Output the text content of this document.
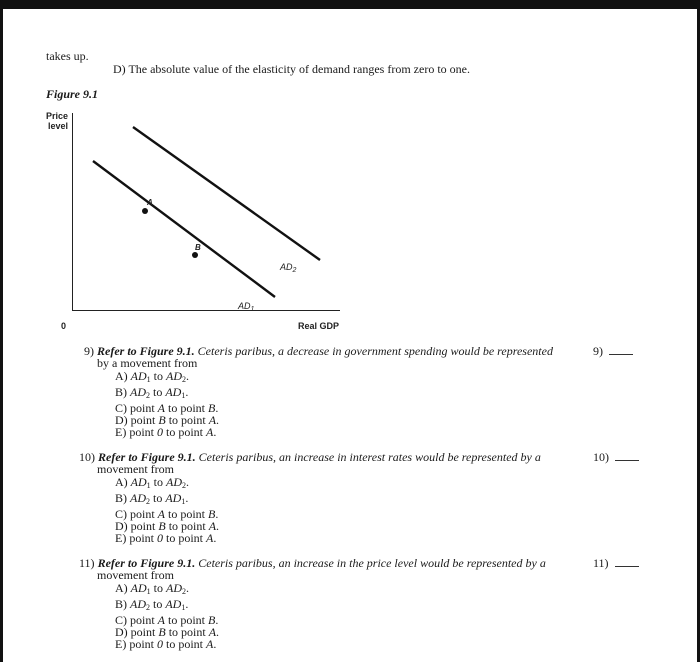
takes up.
D) The absolute value of the elasticity of demand ranges from zero to one.
Figure 9.1
Price
level
0	Real GDP
A
B
$AD_1$
$AD_2$
9) Refer to Figure 9.1. Ceteris paribus, a decrease in government spending would be represented
by a movement from
9)
A) $AD_1$ to $AD_2$.
B) $AD_2$ to $AD_1$.
C) point A to point B.
D) point B to point A.
E) point 0 to point A.
10) Refer to Figure 9.1. Ceteris paribus, an increase in interest rates would be represented by a
movement from
10)
A) $AD_1$ to $AD_2$.
B) $AD_2$ to $AD_1$.
C) point A to point B.
D) point B to point A.
E) point 0 to point A.
11) Refer to Figure 9.1. Ceteris paribus, an increase in the price level would be represented by a
movement from
11)
A) $AD_1$ to $AD_2$.
B) $AD_2$ to $AD_1$.
C) point A to point B.
D) point B to point A.
E) point 0 to point A.
